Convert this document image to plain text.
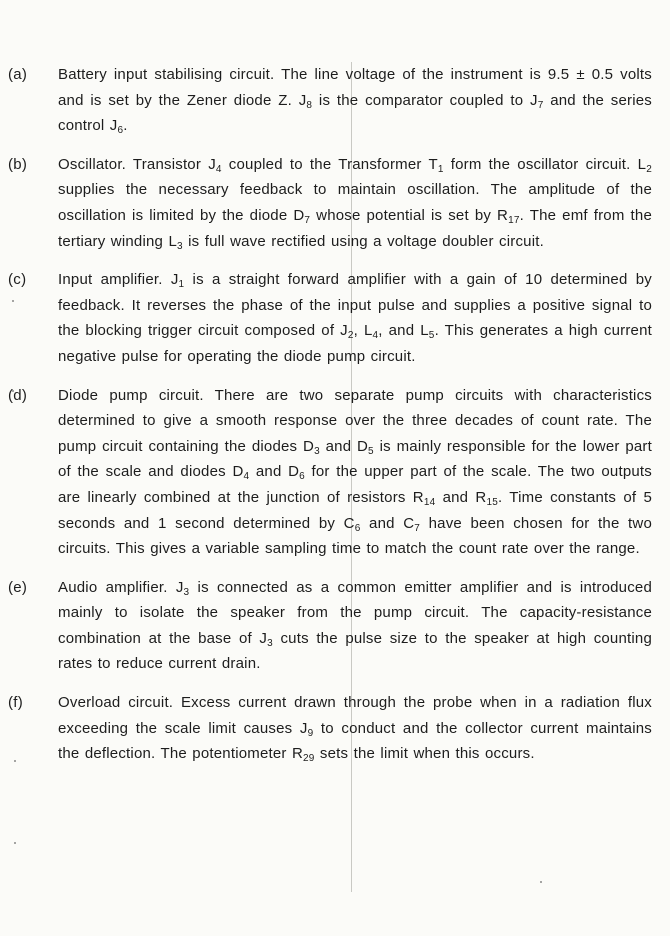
(a) Battery input stabilising circuit. The line voltage of the instrument is 9.5 ± 0.5 volts and is set by the Zener diode Z. $J_8$ is the comparator coupled to $J_7$ and the series control $J_6$.

(b) Oscillator. Transistor $J_4$ coupled to the Transformer $T_1$ form the oscillator circuit. $L_2$ supplies the necessary feedback to maintain oscillation. The amplitude of the oscillation is limited by the diode $D_7$ whose potential is set by $R_{17}$. The emf from the tertiary winding $L_3$ is full wave rectified using a voltage doubler circuit.

(c) Input amplifier. $J_1$ is a straight forward amplifier with a gain of 10 determined by feedback. It reverses the phase of the input pulse and supplies a positive signal to the blocking trigger circuit composed of $J_2$, $L_4$, and $L_5$. This generates a high current negative pulse for operating the diode pump circuit.

(d) Diode pump circuit. There are two separate pump circuits with characteristics determined to give a smooth response over the three decades of count rate. The pump circuit containing the diodes $D_3$ and $D_5$ is mainly responsible for the lower part of the scale and diodes $D_4$ and $D_6$ for the upper part of the scale. The two outputs are linearly combined at the junction of resistors $R_{14}$ and $R_{15}$. Time constants of 5 seconds and 1 second determined by $C_6$ and $C_7$ have been chosen for the two circuits. This gives a variable sampling time to match the count rate over the range.

(e) Audio amplifier. $J_3$ is connected as a common emitter amplifier and is introduced mainly to isolate the speaker from the pump circuit. The capacity-resistance combination at the base of $J_3$ cuts the pulse size to the speaker at high counting rates to reduce current drain.

(f) Overload circuit. Excess current drawn through the probe when in a radiation flux exceeding the scale limit causes $J_9$ to conduct and the collector current maintains the deflection. The potentiometer $R_{29}$ sets the limit when this occurs.
